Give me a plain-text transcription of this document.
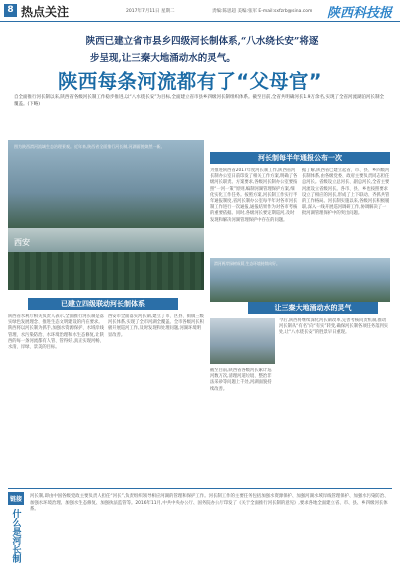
8 热点关注	2017年7月11日 星期二	责编:陈思超 美编:张军 E-mail:sxfzrb@sina.com 陕西科技报
陕西已建立省市县乡四级河长制体系,“八水绕长安”将逐
步呈现,让三秦大地涌动水的灵气。
陕西每条河流都有了“父母官”
自全面推行河长制以来,陕西省各级河长制工作稳步推进,以“八水绕长安”为目标,全面建立省市县乡四级河长制组织体系。截至目前,全省共明确河长1.9万余名,实现了全省河流湖泊河长制全覆盖。(下略)
图为陕西渭河流域生态治理景观。近年来,陕西省全面推行河长制,河湖面貌焕然一新。
西安
河长制每半年通报公布一次
为推进陕西省2017年度河长制工作,陕西省河长制办公室日前印发了相关工作方案,明确了各级河长职责。方案要求,各级河长制办公室要按照“一河一策”原则,编制河湖管理保护方案,细化实化工作任务。按照方案,河长制工作实行半年通报制度,省河长制办公室每半年对各市河长制工作进行一次通报,通报结果作为对各市考核的重要依据。同时,各级河长要定期巡河,及时发现和解决河湖管理保护中存在的问题。
据了解,陕西省已建立起省、市、县、乡四级河长制体系,由各级党委、政府主要负责同志担任总河长。省级设立总河长、副总河长,全省主要河流设立省级河长。各市、县、乡也按照要求设立了相应的河长,形成了上下联动、齐抓共管的工作格局。河长制实施以来,各级河长积极履职,深入一线开展巡河调研工作,协调解决了一批河湖管理保护中的突出问题。
渭河两岸绿树成荫,生态环境持续向好。
已建立四级联动河长制体系
陕西省水利厅相关负责人表示,全面推行河长制是落实绿色发展理念、推进生态文明建设的内在要求。陕西将以河长制为抓手,加强水资源保护、水域岸线管理、水污染防治、水环境治理和水生态修复,让陕西的每一条河流都有人管、管得好,真正实现河畅、水清、岸绿、景美的目标。
西安市全面落实河长制,建立了市、区县、街镇三级河长体系,实现了全市河湖全覆盖。全市各级河长积极开展巡河工作,及时发现和处理问题,河湖环境明显改善。
让三秦大地涌动水的灵气
今后,陕西将继续深化河长制改革,完善考核问责机制,推动河长制从“有名”向“有实”转变,确保河长制各项任务落到实处,让“八水绕长安”的胜景早日重现。
截至目前,陕西省各级河长累计巡河数万次,清理河道垃圾、整治非法采砂等问题上千处,河湖面貌持续改善。
链接
什么是河长制
河长制,即由中国各级党政主要负责人担任“河长”,负责组织领导相应河湖的管理和保护工作。河长制工作的主要任务包括加强水资源保护、加强河湖水域岸线管理保护、加强水污染防治、加强水环境治理、加强水生态修复、加强执法监管等。2016年11月,中共中央办公厅、国务院办公厅印发了《关于全面推行河长制的意见》,要求各地全面建立省、市、县、乡四级河长体系。
